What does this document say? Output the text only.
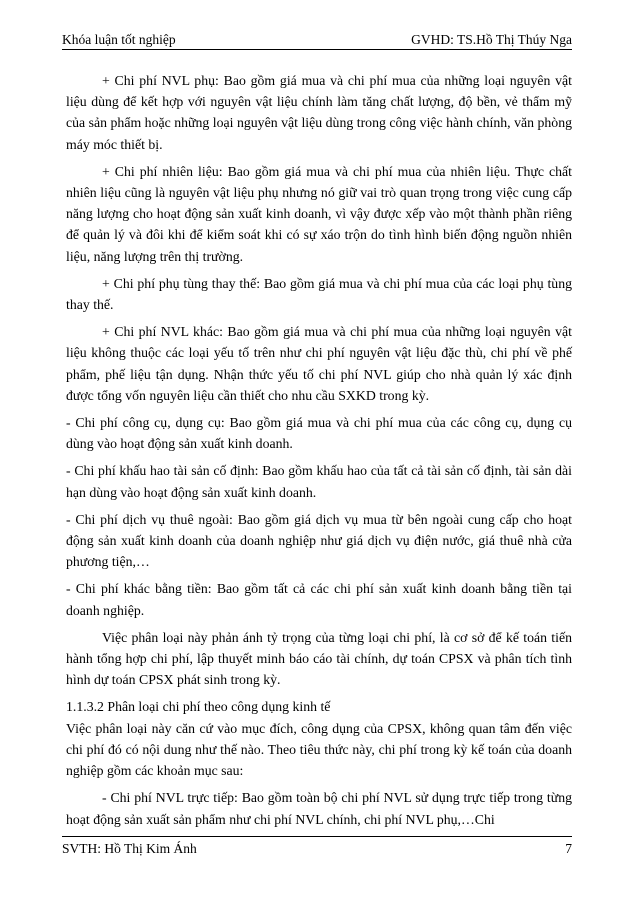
Khóa luận tốt nghiệp	GVHD: TS.Hồ Thị Thúy Nga

+ Chi phí NVL phụ: Bao gồm giá mua và chi phí mua của những loại nguyên vật liệu dùng để kết hợp với nguyên vật liệu chính làm tăng chất lượng, độ bền, vẻ thẩm mỹ của sản phẩm hoặc những loại nguyên vật liệu dùng trong công việc hành chính, văn phòng máy móc thiết bị.

+ Chi phí nhiên liệu: Bao gồm giá mua và chi phí mua của nhiên liệu. Thực chất nhiên liệu cũng là nguyên vật liệu phụ nhưng nó giữ vai trò quan trọng trong việc cung cấp năng lượng cho hoạt động sản xuất kinh doanh, vì vậy được xếp vào một thành phần riêng để quản lý và đôi khi để kiểm soát khi có sự xáo trộn do tình hình biến động nguồn nhiên liệu, năng lượng trên thị trường.

+ Chi phí phụ tùng thay thế: Bao gồm giá mua và chi phí mua của các loại phụ tùng thay thế.

+ Chi phí NVL khác: Bao gồm giá mua và chi phí mua của những loại nguyên vật liệu không thuộc các loại yếu tố trên như chi phí nguyên vật liệu đặc thù, chi phí về phế phẩm, phế liệu tận dụng. Nhận thức yếu tố chi phí NVL giúp cho nhà quản lý xác định được tổng vốn nguyên liệu cần thiết cho nhu cầu SXKD trong kỳ.

- Chi phí công cụ, dụng cụ: Bao gồm giá mua và chi phí mua của các công cụ, dụng cụ dùng vào hoạt động sản xuất kinh doanh.

- Chi phí khấu hao tài sản cố định: Bao gồm khấu hao của tất cả tài sản cố định, tài sản dài hạn dùng vào hoạt động sản xuất kinh doanh.

- Chi phí dịch vụ thuê ngoài: Bao gồm giá dịch vụ mua từ bên ngoài cung cấp cho hoạt động sản xuất kinh doanh của doanh nghiệp như giá dịch vụ điện nước, giá thuê nhà cửa phương tiện,…

- Chi phí khác bằng tiền: Bao gồm tất cả các chi phí sản xuất kinh doanh bằng tiền tại doanh nghiệp.

Việc phân loại này phản ánh tỷ trọng của từng loại chi phí, là cơ sở để kế toán tiến hành tổng hợp chi phí, lập thuyết minh báo cáo tài chính, dự toán CPSX và phân tích tình hình dự toán CPSX phát sinh trong kỳ.

1.1.3.2 Phân loại chi phí theo công dụng kinh tế

Việc phân loại này căn cứ vào mục đích, công dụng của CPSX, không quan tâm đến việc chi phí đó có nội dung như thế nào. Theo tiêu thức này, chi phí trong kỳ kế toán của doanh nghiệp gồm các khoản mục sau:

- Chi phí NVL trực tiếp: Bao gồm toàn bộ chi phí NVL sử dụng trực tiếp trong từng hoạt động sản xuất sản phẩm như chi phí NVL chính, chi phí NVL phụ,…Chi

SVTH: Hồ Thị Kim Ánh	7
